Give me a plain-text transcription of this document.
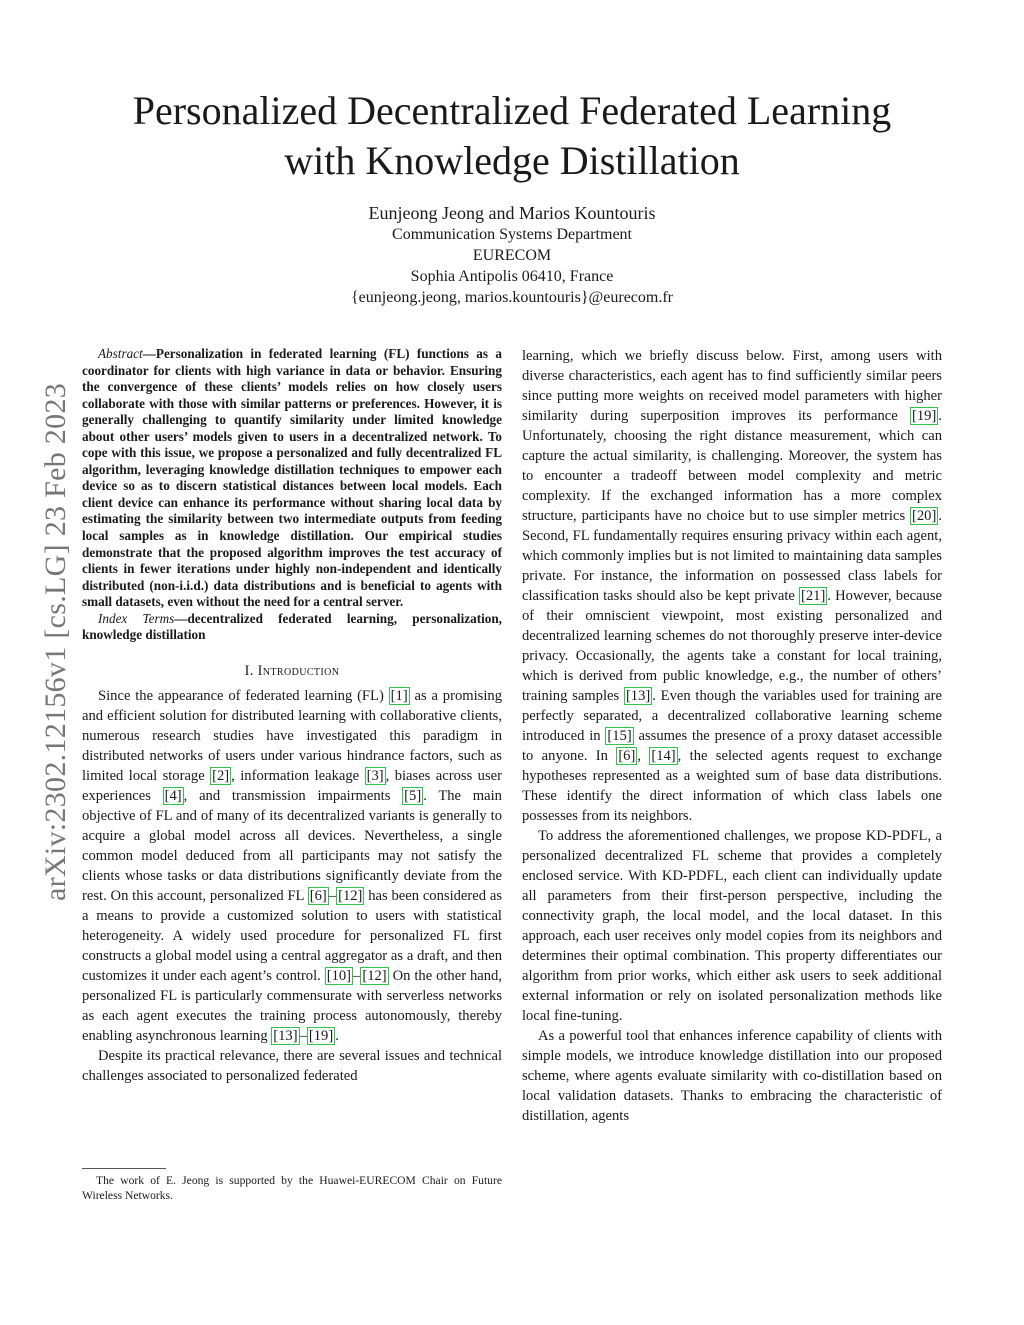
arXiv:2302.12156v1 [cs.LG] 23 Feb 2023
Personalized Decentralized Federated Learning
with Knowledge Distillation
Eunjeong Jeong and Marios Kountouris
Communication Systems Department
EURECOM
Sophia Antipolis 06410, France
{eunjeong.jeong, marios.kountouris}@eurecom.fr

Abstract—Personalization in federated learning (FL) functions as a coordinator for clients with high variance in data or behavior. Ensuring the convergence of these clients’ models relies on how closely users collaborate with those with similar patterns or preferences. However, it is generally challenging to quantify similarity under limited knowledge about other users’ models given to users in a decentralized network. To cope with this issue, we propose a personalized and fully decentralized FL algorithm, leveraging knowledge distillation techniques to empower each device so as to discern statistical distances between local models. Each client device can enhance its performance without sharing local data by estimating the similarity between two intermediate outputs from feeding local samples as in knowledge distillation. Our empirical studies demonstrate that the proposed algorithm improves the test accuracy of clients in fewer iterations under highly non-independent and identically distributed (non-i.i.d.) data distributions and is beneficial to agents with small datasets, even without the need for a central server.

Index Terms—decentralized federated learning, personalization, knowledge distillation

I. Introduction

Since the appearance of federated learning (FL) [1] as a promising and efficient solution for distributed learning with collaborative clients, numerous research studies have investigated this paradigm in distributed networks of users under various hindrance factors, such as limited local storage [2] , information leakage [3] , biases across user experiences [4] , and transmission impairments [5] . The main objective of FL and of many of its decentralized variants is generally to acquire a global model across all devices. Nevertheless, a single common model deduced from all participants may not satisfy the clients whose tasks or data distributions significantly deviate from the rest. On this account, personalized FL [6] – [12] has been considered as a means to provide a customized solution to users with statistical heterogeneity. A widely used procedure for personalized FL first constructs a global model using a central aggregator as a draft, and then customizes it under each agent’s control. [10] – [12] On the other hand, personalized FL is particularly commensurate with serverless networks as each agent executes the training process autonomously, thereby enabling asynchronous learning [13] – [19] .

Despite its practical relevance, there are several issues and technical challenges associated to personalized federated

learning, which we briefly discuss below. First, among users with diverse characteristics, each agent has to find sufficiently similar peers since putting more weights on received model parameters with higher similarity during superposition improves its performance [19] . Unfortunately, choosing the right distance measurement, which can capture the actual similarity, is challenging. Moreover, the system has to encounter a tradeoff between model complexity and metric complexity. If the exchanged information has a more complex structure, participants have no choice but to use simpler metrics [20] . Second, FL fundamentally requires ensuring privacy within each agent, which commonly implies but is not limited to maintaining data samples private. For instance, the information on possessed class labels for classification tasks should also be kept private [21] . However, because of their omniscient viewpoint, most existing personalized and decentralized learning schemes do not thoroughly preserve inter-device privacy. Occasionally, the agents take a constant for local training, which is derived from public knowledge, e.g., the number of others’ training samples [13] . Even though the variables used for training are perfectly separated, a decentralized collaborative learning scheme introduced in [15] assumes the presence of a proxy dataset accessible to anyone. In [6] , [14] , the selected agents request to exchange hypotheses represented as a weighted sum of base data distributions. These identify the direct information of which class labels one possesses from its neighbors.

To address the aforementioned challenges, we propose KD-PDFL, a personalized decentralized FL scheme that provides a completely enclosed service. With KD-PDFL, each client can individually update all parameters from their first-person perspective, including the connectivity graph, the local model, and the local dataset. In this approach, each user receives only model copies from its neighbors and determines their optimal combination. This property differentiates our algorithm from prior works, which either ask users to seek additional external information or rely on isolated personalization methods like local fine-tuning.

As a powerful tool that enhances inference capability of clients with simple models, we introduce knowledge distillation into our proposed scheme, where agents evaluate similarity with co-distillation based on local validation datasets. Thanks to embracing the characteristic of distillation, agents

The work of E. Jeong is supported by the Huawei-EURECOM Chair on Future Wireless Networks.
